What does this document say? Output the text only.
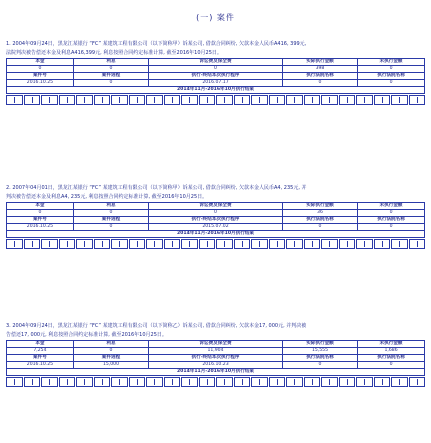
(一) 案件
1. 2004年09月24日，黑龙江某银行 “FC” 某建筑工程有限公司（以下简称甲）诉某公司, 借款合同纠纷, 欠款本金人民币A416, 399元,
法院判决被告偿还本金及利息A416,399元, 利息按照合同约定标准计算, 截至2016年10月25日。
本金	利息	诉讼费及保全费	实际执行金额	未执行金额
0	0	0	398	0
案件号	案件进程	执行-终结本次执行程序	执行法院名称	执行法院名称
2016.10.25	0	2016.07.17	0	0
2014年11月-2016年10月执行结案				
2. 2007年04月01日，黑龙江某银行 “FC” 某建筑工程有限公司（以下简称甲）诉某公司, 借款合同纠纷, 欠款本金人民币A4, 235元, 并
判决被告偿还本金及利息A4, 235元, 利息按照合同约定标准计算, 截至2016年10月25日。
本金	利息	诉讼费及保全费	实际执行金额	未执行金额
0	0	0	36	0
案件号	案件进程	执行-终结本次执行程序	执行法院名称	执行法院名称
2016.10.25	0	2015.07.02	0	0
2014年11月-2016年10月执行结案				
3. 2004年09月24日，黑龙江某银行 “FC” 某建筑工程有限公司（以下简称乙）诉某公司, 借款合同纠纷, 欠款本金17, 000元, 并判决被
告偿还17, 000元, 利息按照合同约定标准计算, 截至2016年10月25日。
本金	利息	诉讼费及保全费	实际执行金额	未执行金额
7,254	0	11,904	15,555	1,686
案件号	案件进程	执行-终结本次执行程序	执行法院名称	执行法院名称
2016.10.25	15,000	2016.10.23	0	0
2014年11月-2016年10月执行结案				
